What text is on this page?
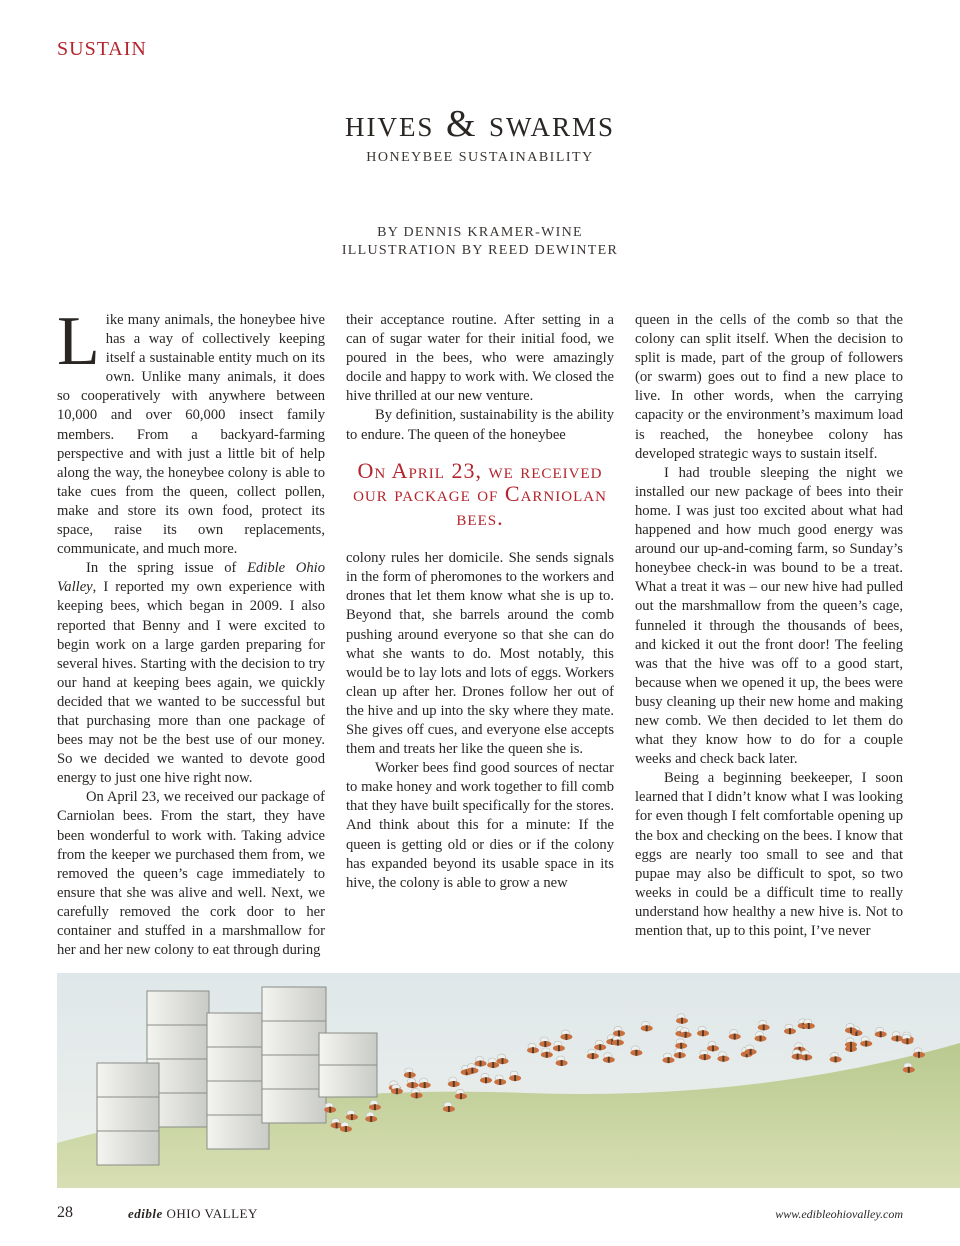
sustain
hives & swarms
HONEYBEE SUSTAINABILITY
BY DENNIS KRAMER-WINE
ILLUSTRATION BY REED DEWINTER

Like many animals, the honeybee hive has a way of collectively keeping itself a sustainable entity much on its own. Unlike many animals, it does so cooperatively with anywhere between 10,000 and over 60,000 insect family members. From a backyard-farming perspective and with just a little bit of help along the way, the honeybee colony is able to take cues from the queen, collect pollen, make and store its own food, protect its space, raise its own replacements, communicate, and much more.

In the spring issue of Edible Ohio Valley, I reported my own experience with keeping bees, which began in 2009. I also reported that Benny and I were excited to begin work on a large garden preparing for several hives. Starting with the decision to try our hand at keeping bees again, we quickly decided that we wanted to be successful but that purchasing more than one package of bees may not be the best use of our money. So we decided we wanted to devote good energy to just one hive right now.

On April 23, we received our package of Carniolan bees. From the start, they have been wonderful to work with. Taking advice from the keeper we purchased them from, we removed the queen’s cage immediately to ensure that she was alive and well. Next, we carefully removed the cork door to her container and stuffed in a marshmallow for her and her new colony to eat through during

their acceptance routine. After setting in a can of sugar water for their initial food, we poured in the bees, who were amazingly docile and happy to work with. We closed the hive thrilled at our new venture.

By definition, sustainability is the ability to endure. The queen of the honeybee

On April 23, we received our package of Carniolan bees.

colony rules her domicile. She sends signals in the form of pheromones to the workers and drones that let them know what she is up to. Beyond that, she barrels around the comb pushing around everyone so that she can do what she wants to do. Most notably, this would be to lay lots and lots of eggs. Workers clean up after her. Drones follow her out of the hive and up into the sky where they mate. She gives off cues, and everyone else accepts them and treats her like the queen she is.

Worker bees find good sources of nectar to make honey and work together to fill comb that they have built specifically for the stores. And think about this for a minute: If the queen is getting old or dies or if the colony has expanded beyond its usable space in its hive, the colony is able to grow a new

queen in the cells of the comb so that the colony can split itself. When the decision to split is made, part of the group of followers (or swarm) goes out to find a new place to live. In other words, when the carrying capacity or the environment’s maximum load is reached, the honeybee colony has developed strategic ways to sustain itself.

I had trouble sleeping the night we installed our new package of bees into their home. I was just too excited about what had happened and how much good energy was around our up-and-coming farm, so Sunday’s honeybee check-in was bound to be a treat. What a treat it was – our new hive had pulled out the marshmallow from the queen’s cage, funneled it through the thousands of bees, and kicked it out the front door! The feeling was that the hive was off to a good start, because when we opened it up, the bees were busy cleaning up their new home and making new comb. We then decided to let them do what they know how to do for a couple weeks and check back later.

Being a beginning beekeeper, I soon learned that I didn’t know what I was looking for even though I felt comfortable opening up the box and checking on the bees. I know that eggs are nearly too small to see and that pupae may also be difficult to spot, so two weeks in could be a difficult time to really understand how healthy a new hive is. Not to mention that, up to this point, I’ve never

28	edible OHIO VALLEY	www.edibleohiovalley.com
